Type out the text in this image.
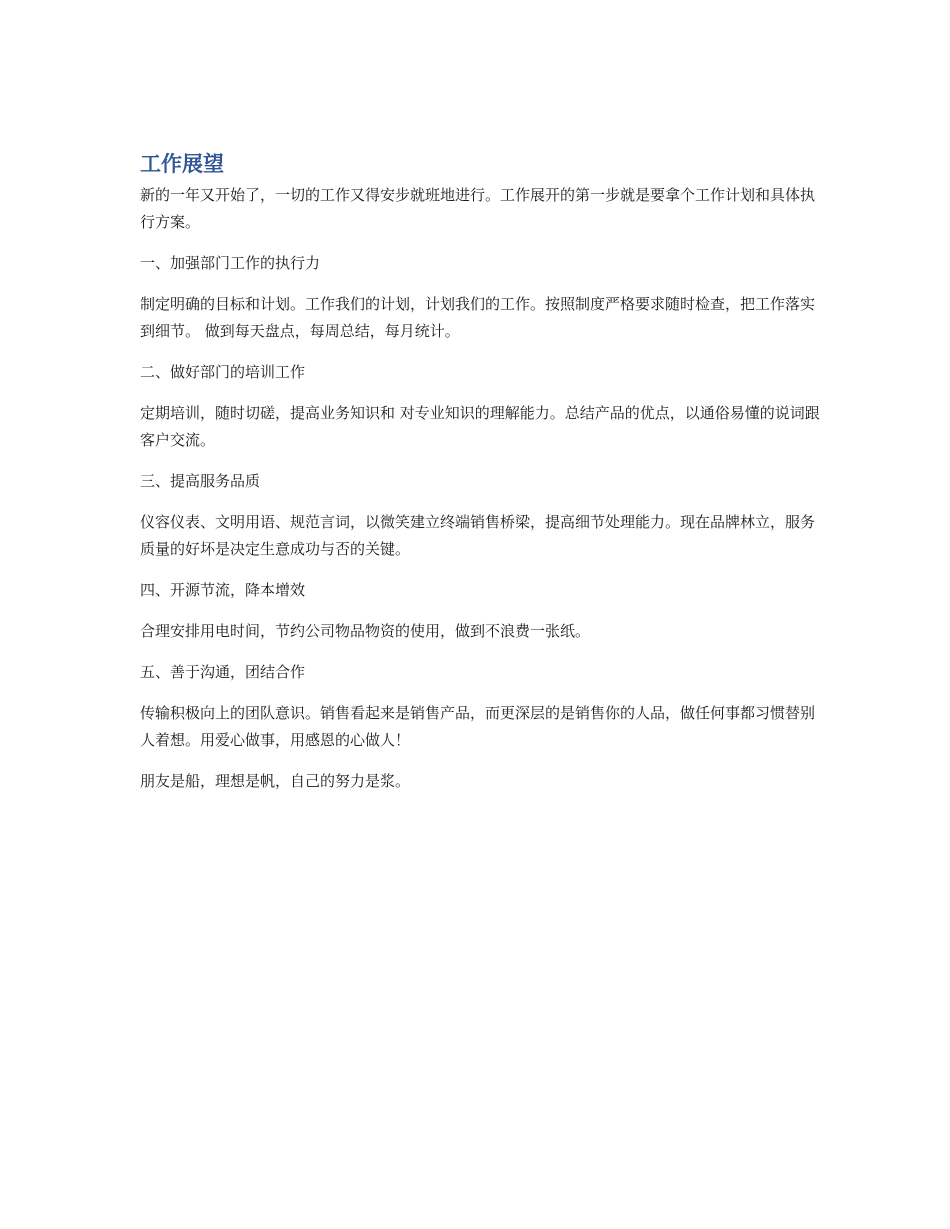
工作展望

新的一年又开始了，一切的工作又得安步就班地进行。工作展开的第一步就是要拿个工作计划和具体执行方案。

一、加强部门工作的执行力

制定明确的目标和计划。工作我们的计划，计划我们的工作。按照制度严格要求随时检查，把工作落实到细节。 做到每天盘点，每周总结，每月统计。

二、做好部门的培训工作

定期培训，随时切磋，提高业务知识和 对专业知识的理解能力。总结产品的优点，以通俗易懂的说词跟客户交流。

三、提高服务品质

仪容仪表、文明用语、规范言词，以微笑建立终端销售桥梁，提高细节处理能力。现在品牌林立，服务质量的好坏是决定生意成功与否的关键。

四、开源节流，降本增效

合理安排用电时间，节约公司物品物资的使用，做到不浪费一张纸。

五、善于沟通，团结合作

传输积极向上的团队意识。销售看起来是销售产品，而更深层的是销售你的人品，做任何事都习惯替别人着想。用爱心做事，用感恩的心做人！

朋友是船，理想是帆，自己的努力是浆。
